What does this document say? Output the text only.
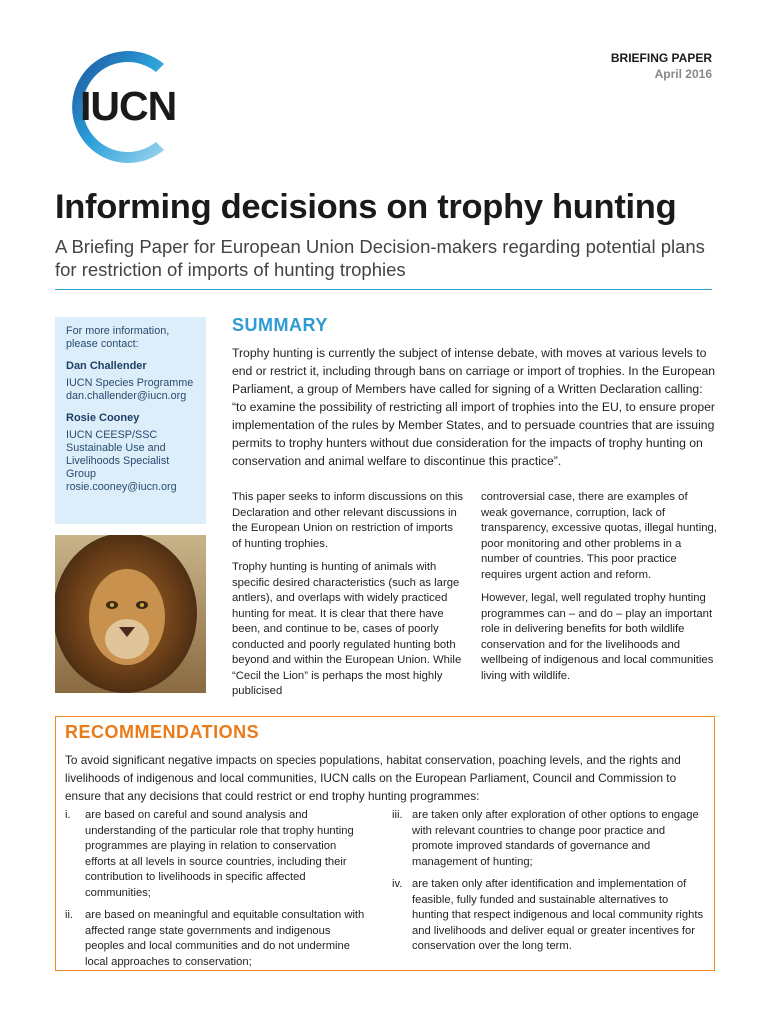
IUCN
BRIEFING PAPER
April 2016
Informing decisions on trophy hunting
A Briefing Paper for European Union Decision-makers regarding potential plans for restriction of imports of hunting trophies
For more information, please contact:
Dan Challender
IUCN Species Programme
dan.challender@iucn.org
Rosie Cooney
IUCN CEESP/SSC Sustainable Use and Livelihoods Specialist Group
rosie.cooney@iucn.org
SUMMARY

Trophy hunting is currently the subject of intense debate, with moves at various levels to end or restrict it, including through bans on carriage or import of trophies. In the European Parliament, a group of Members have called for signing of a Written Declaration calling: “to examine the possibility of restricting all import of trophies into the EU, to ensure proper implementation of the rules by Member States, and to persuade countries that are issuing permits to trophy hunters without due consideration for the impacts of trophy hunting on conservation and animal welfare to discontinue this practice”.

This paper seeks to inform discussions on this Declaration and other relevant discussions in the European Union on restriction of imports of hunting trophies.

Trophy hunting is hunting of animals with specific desired characteristics (such as large antlers), and overlaps with widely practiced hunting for meat. It is clear that there have been, and continue to be, cases of poorly conducted and poorly regulated hunting both beyond and within the European Union. While “Cecil the Lion” is perhaps the most highly publicised

controversial case, there are examples of weak governance, corruption, lack of transparency, excessive quotas, illegal hunting, poor monitoring and other problems in a number of countries. This poor practice requires urgent action and reform.

However, legal, well regulated trophy hunting programmes can – and do – play an important role in delivering benefits for both wildlife conservation and for the livelihoods and wellbeing of indigenous and local communities living with wildlife.

RECOMMENDATIONS

To avoid significant negative impacts on species populations, habitat conservation, poaching levels, and the rights and livelihoods of indigenous and local communities, IUCN calls on the European Parliament, Council and Commission to ensure that any decisions that could restrict or end trophy hunting programmes:

i. are based on careful and sound analysis and understanding of the particular role that trophy hunting programmes are playing in relation to conservation efforts at all levels in source countries, including their contribution to livelihoods in specific affected communities;
ii. are based on meaningful and equitable consultation with affected range state governments and indigenous peoples and local communities and do not undermine local approaches to conservation;
iii. are taken only after exploration of other options to engage with relevant countries to change poor practice and promote improved standards of governance and management of hunting;
iv. are taken only after identification and implementation of feasible, fully funded and sustainable alternatives to hunting that respect indigenous and local community rights and livelihoods and deliver equal or greater incentives for conservation over the long term.
